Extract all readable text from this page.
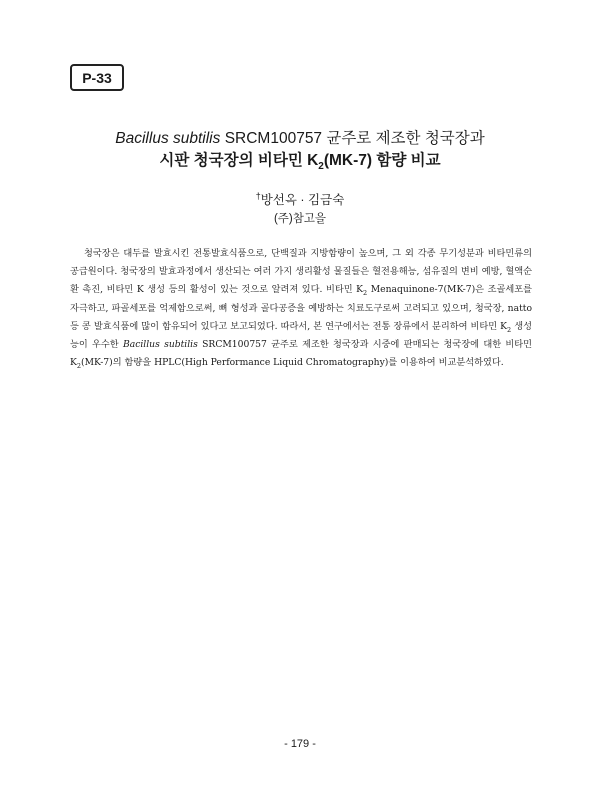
P-33
Bacillus subtilis SRCM100757 균주로 제조한 청국장과
시판 청국장의 비타민 $K_2(MK-7)$ 함량 비교
†방선옥 · 김금숙
(주)참고을

청국장은 대두를 발효시킨 전통발효식품으로, 단백질과 지방함량이 높으며, 그 외 각종 무기성분과 비타민류의 공급원이다. 청국장의 발효과정에서 생산되는 여러 가지 생리활성 물질들은 혈전용해능, 섬유질의 변비 예방, 혈액순환 촉진, 비타민 K 생성 등의 활성이 있는 것으로 알려져 있다. 비타민 $K_2$ Menaquinone-7(MK-7)은 조골세포를 자극하고, 파골세포를 억제함으로써, 뼈 형성과 골다공증을 예방하는 치료도구로써 고려되고 있으며, 청국장, natto 등 콩 발효식품에 많이 함유되어 있다고 보고되었다. 따라서, 본 연구에서는 전통 장류에서 분리하여 비타민 $K_2$ 생성능이 우수한 Bacillus subtilis SRCM100757 균주로 제조한 청국장과 시중에 판매되는 청국장에 대한 비타민 $K_2(MK-7)$의 함량을 HPLC(High Performance Liquid Chromatography)를 이용하여 비교분석하였다.

- 179 -
